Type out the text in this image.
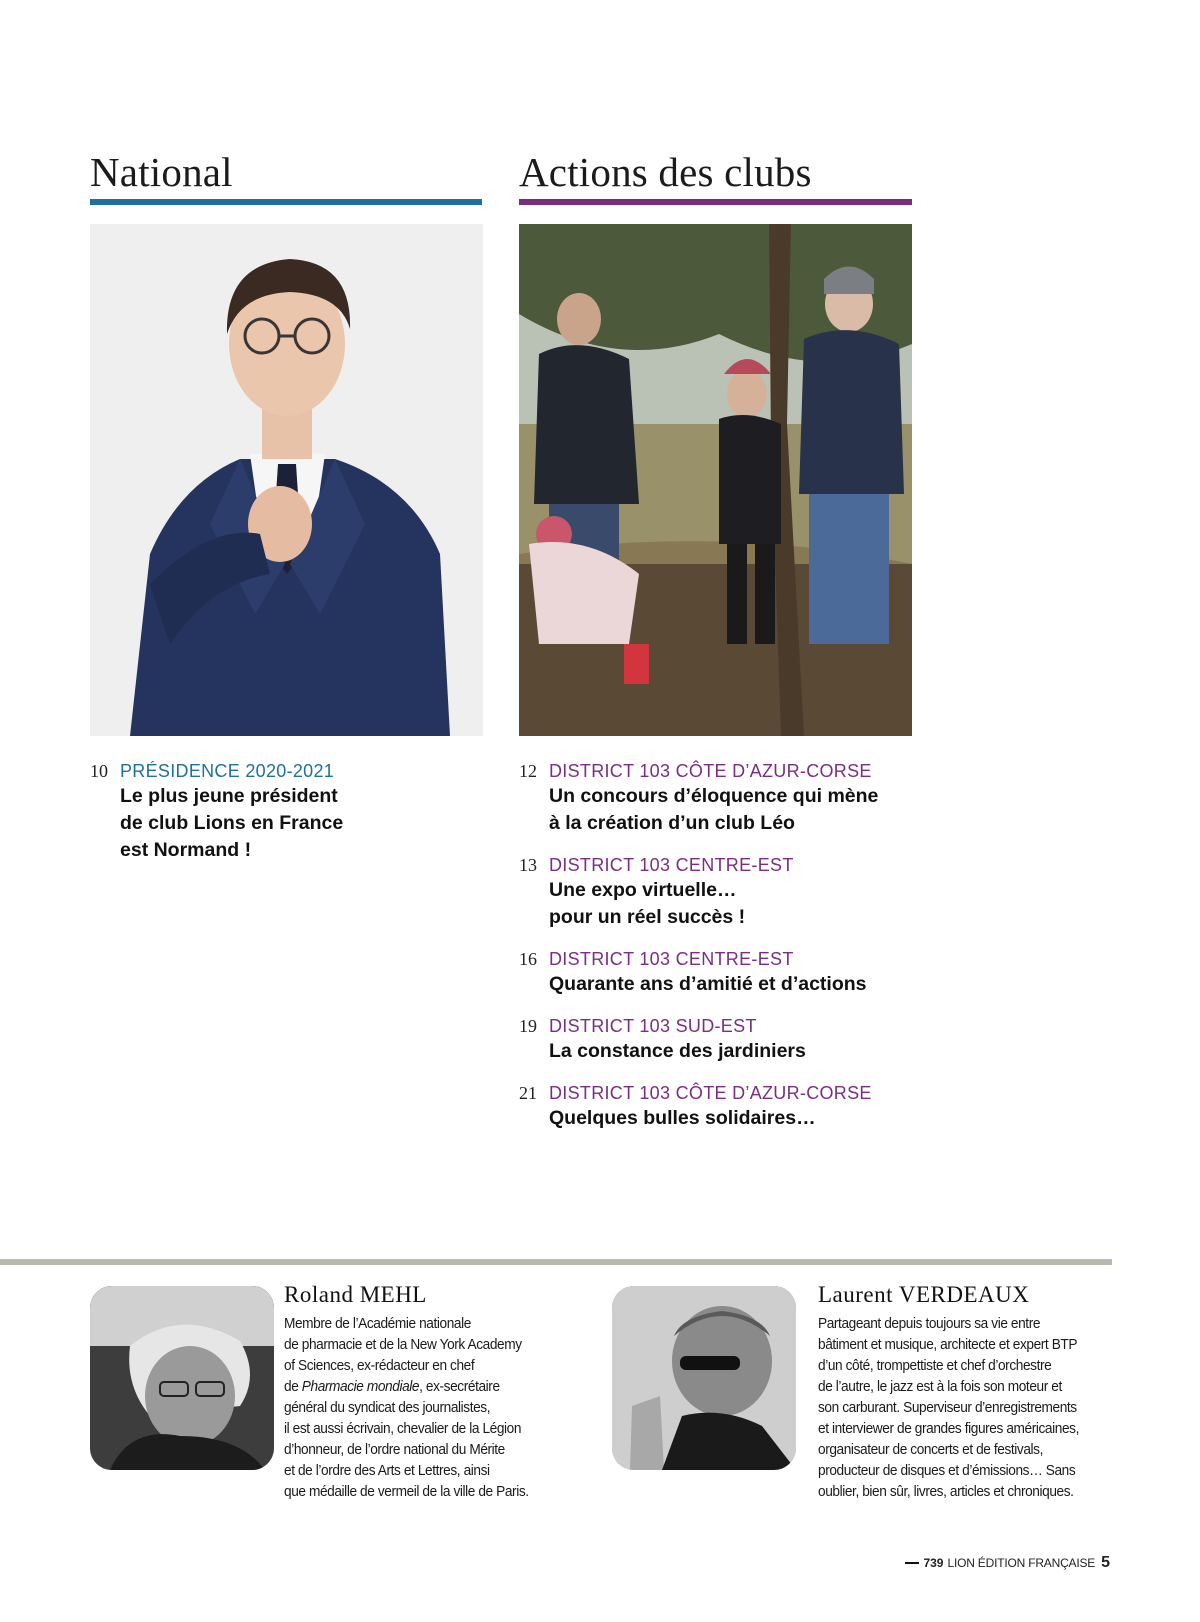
National
10 PRÉSIDENCE 2020-2021
Le plus jeune président
de club Lions en France
est Normand !
Actions des clubs
12 DISTRICT 103 CÔTE D’AZUR-CORSE
Un concours d’éloquence qui mène
à la création d’un club Léo
13 DISTRICT 103 CENTRE-EST
Une expo virtuelle…
pour un réel succès !
16 DISTRICT 103 CENTRE-EST
Quarante ans d’amitié et d’actions
19 DISTRICT 103 SUD-EST
La constance des jardiniers
21 DISTRICT 103 CÔTE D’AZUR-CORSE
Quelques bulles solidaires…
Roland MEHL
Membre de l’Académie nationale
de pharmacie et de la New York Academy
of Sciences, ex-rédacteur en chef
de Pharmacie mondiale, ex-secrétaire
général du syndicat des journalistes,
il est aussi écrivain, chevalier de la Légion
d’honneur, de l’ordre national du Mérite
et de l’ordre des Arts et Lettres, ainsi
que médaille de vermeil de la ville de Paris.
Laurent VERDEAUX
Partageant depuis toujours sa vie entre
bâtiment et musique, architecte et expert BTP
d’un côté, trompettiste et chef d’orchestre
de l’autre, le jazz est à la fois son moteur et
son carburant. Superviseur d’enregistrements
et interviewer de grandes figures américaines,
organisateur de concerts et de festivals,
producteur de disques et d’émissions… Sans
oublier, bien sûr, livres, articles et chroniques.
739 LION ÉDITION FRANÇAISE 5
